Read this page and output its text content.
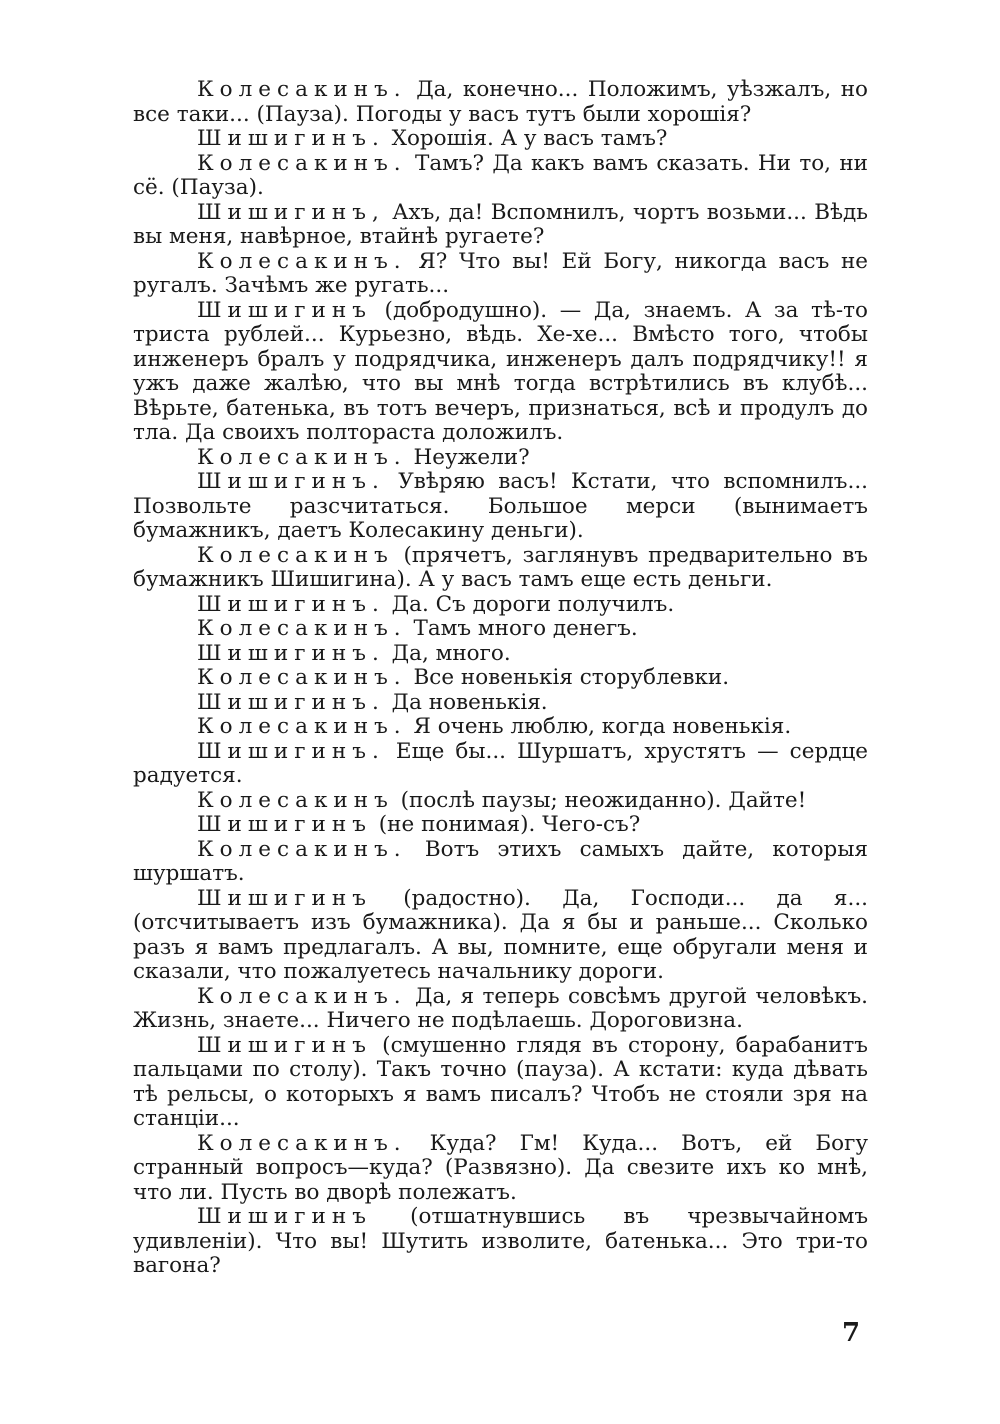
Колесакинъ. Да, конечно... Положимъ, уѣзжалъ, но все таки... (Пауза). Погоды у васъ тутъ были хорошія?

Шишигинъ. Хорошія. А у васъ тамъ?

Колесакинъ. Тамъ? Да какъ вамъ сказать. Ни то, ни сё. (Пауза).

Шишигинъ, Ахъ, да! Вспомнилъ, чортъ возьми... Вѣдь вы меня, навѣрное, втайнѣ ругаете?

Колесакинъ. Я? Что вы! Ей Богу, никогда васъ не ругалъ. Зачѣмъ же ругать...

Шишигинъ (добродушно). — Да, знаемъ. А за тѣ-то триста рублей... Курьезно, вѣдь. Хе-хе... Вмѣсто того, чтобы инженеръ бралъ у подрядчика, инженеръ далъ подрядчику!! я ужъ даже жалѣю, что вы мнѣ тогда встрѣтились въ клубѣ... Вѣрьте, батенька, въ тотъ вечеръ, признаться, всѣ и продулъ до тла. Да своихъ полтораста доложилъ.

Колесакинъ. Неужели?

Шишигинъ. Увѣряю васъ! Кстати, что вспомнилъ... Позвольте разсчитаться. Большое мерси (вынимаетъ бумажникъ, даетъ Колесакину деньги).

Колесакинъ (прячетъ, заглянувъ предварительно въ бумажникъ Шишигина). А у васъ тамъ еще есть деньги.

Шишигинъ. Да. Съ дороги получилъ.

Колесакинъ. Тамъ много денегъ.

Шишигинъ. Да, много.

Колесакинъ. Все новенькія сторублевки.

Шишигинъ. Да новенькія.

Колесакинъ. Я очень люблю, когда новенькія.

Шишигинъ. Еще бы... Шуршатъ, хрустятъ — сердце радуется.

Колесакинъ (послѣ паузы; неожиданно). Дайте!

Шишигинъ (не понимая). Чего-съ?

Колесакинъ. Вотъ этихъ самыхъ дайте, которыя шуршатъ.

Шишигинъ (радостно). Да, Господи... да я... (отсчитываетъ изъ бумажника). Да я бы и раньше... Сколько разъ я вамъ предлагалъ. А вы, помните, еще обругали меня и сказали, что пожалуетесь начальнику дороги.

Колесакинъ. Да, я теперь совсѣмъ другой человѣкъ. Жизнь, знаете... Ничего не подѣлаешь. Дороговизна.

Шишигинъ (смушенно глядя въ сторону, барабанитъ пальцами по столу). Такъ точно (пауза). А кстати: куда дѣвать тѣ рельсы, о которыхъ я вамъ писалъ? Чтобъ не стояли зря на станціи...

Колесакинъ. Куда? Гм! Куда... Вотъ, ей Богу странный вопросъ—куда? (Развязно). Да свезите ихъ ко мнѣ, что ли. Пусть во дворѣ полежатъ.

Шишигинъ (отшатнувшись въ чрезвычайномъ удивленіи). Что вы! Шутить изволите, батенька... Это три-то вагона?

7
